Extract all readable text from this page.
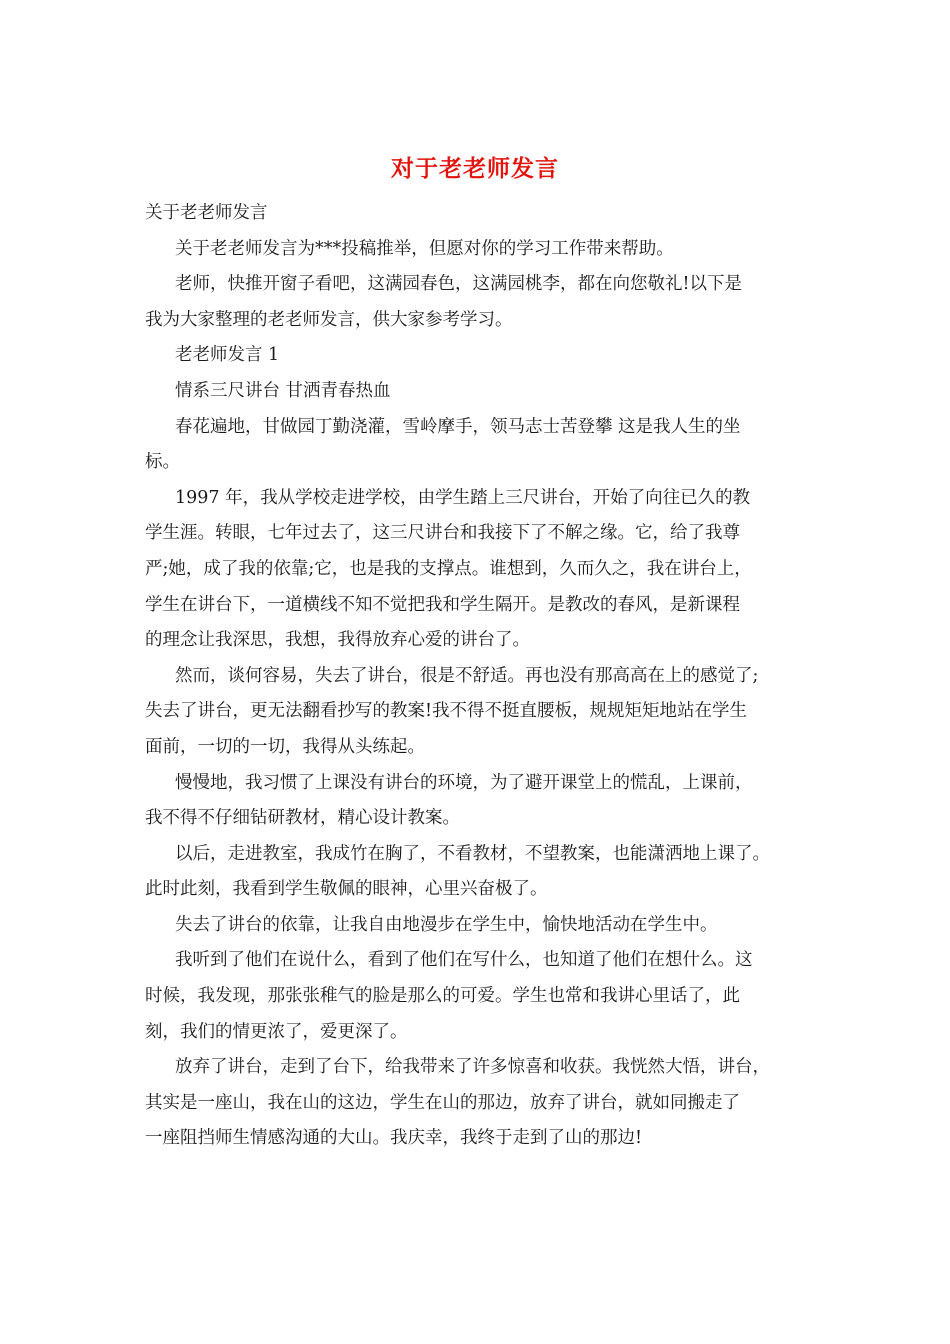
对于老老师发言
关于老老师发言
关于老老师发言为***投稿推举，但愿对你的学习工作带来帮助。
老师，快推开窗子看吧，这满园春色，这满园桃李，都在向您敬礼!以下是
我为大家整理的老老师发言，供大家参考学习。
老老师发言 1
情系三尺讲台 甘洒青春热血
春花遍地，甘做园丁勤浇灌，雪岭摩手，领马志士苦登攀 这是我人生的坐
标。
1997 年，我从学校走进学校，由学生踏上三尺讲台，开始了向往已久的教
学生涯。转眼，七年过去了，这三尺讲台和我接下了不解之缘。它，给了我尊
严;她，成了我的依靠;它，也是我的支撑点。谁想到，久而久之，我在讲台上，
学生在讲台下，一道横线不知不觉把我和学生隔开。是教改的春风，是新课程
的理念让我深思，我想，我得放弃心爱的讲台了。
然而，谈何容易，失去了讲台，很是不舒适。再也没有那高高在上的感觉了;
失去了讲台，更无法翻看抄写的教案!我不得不挺直腰板，规规矩矩地站在学生
面前，一切的一切，我得从头练起。
慢慢地，我习惯了上课没有讲台的环境，为了避开课堂上的慌乱，上课前，
我不得不仔细钻研教材，精心设计教案。
以后，走进教室，我成竹在胸了，不看教材，不望教案，也能潇洒地上课了。
此时此刻，我看到学生敬佩的眼神，心里兴奋极了。
失去了讲台的依靠，让我自由地漫步在学生中，愉快地活动在学生中。
我听到了他们在说什么，看到了他们在写什么，也知道了他们在想什么。这
时候，我发现，那张张稚气的脸是那么的可爱。学生也常和我讲心里话了，此
刻，我们的情更浓了，爱更深了。
放弃了讲台，走到了台下，给我带来了许多惊喜和收获。我恍然大悟，讲台，
其实是一座山，我在山的这边，学生在山的那边，放弃了讲台，就如同搬走了
一座阻挡师生情感沟通的大山。我庆幸，我终于走到了山的那边!
